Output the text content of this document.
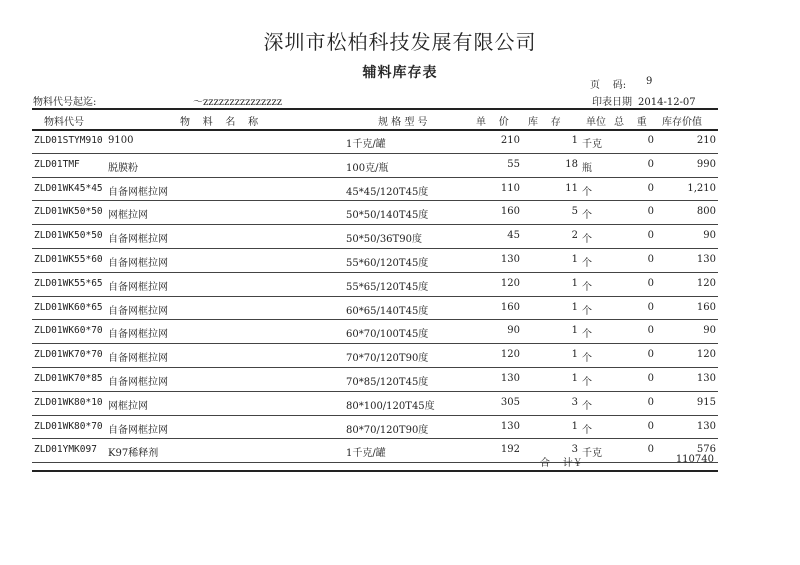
深圳市松柏科技发展有限公司
辅料库存表
页    码: 9
物料代号起迄:	～zzzzzzzzzzzzzzz	印表日期 2014-12-07
物料代号	物    料    名    称	规 格 型 号	单    价 库    存	单位 总    重 库存价值
ZLD01STYM910 9100	1千克/罐	210	1 千克	0	210
ZLD01TMF	脱膜粉	100克/瓶	55	18 瓶	0	990
ZLD01WK45*45 自备网框拉网	45*45/120T45度	110	11 个	0	1,210
ZLD01WK50*50 网框拉网	50*50/140T45度	160	5 个	0	800
ZLD01WK50*50 自备网框拉网	50*50/36T90度	45	2 个	0	90
ZLD01WK55*60 自备网框拉网	55*60/120T45度	130	1 个	0	130
ZLD01WK55*65 自备网框拉网	55*65/120T45度	120	1 个	0	120
ZLD01WK60*65 自备网框拉网	60*65/140T45度	160	1 个	0	160
ZLD01WK60*70 自备网框拉网	60*70/100T45度	90	1 个	0	90
ZLD01WK70*70 自备网框拉网	70*70/120T90度	120	1 个	0	120
ZLD01WK70*85 自备网框拉网	70*85/120T45度	130	1 个	0	130
ZLD01WK80*10 网框拉网	80*100/120T45度	305	3 个	0	915
ZLD01WK80*70 自备网框拉网	80*70/120T90度	130	1 个	0	130
ZLD01YMK097 K97稀释剂	1千克/罐	192	3 千克	0	576
合    计￥	110740
